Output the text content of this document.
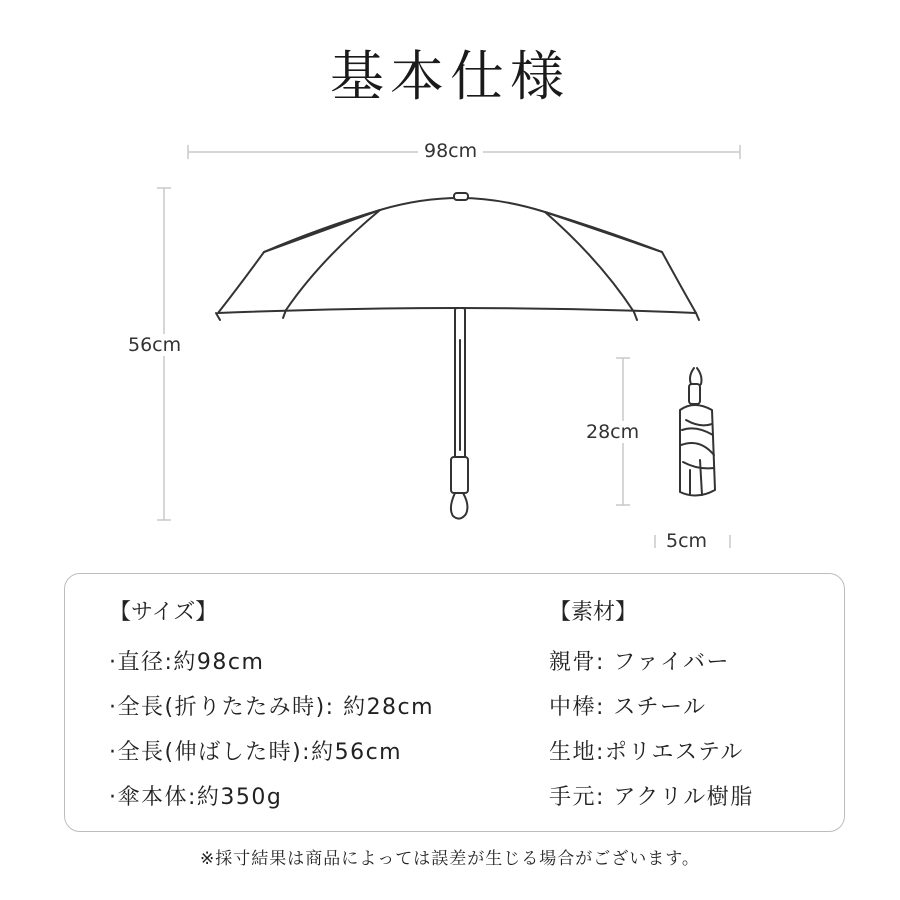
基本仕様
98cm
56cm
28cm
5cm
【サイズ】
·直径:約98cm
·全長(折りたたみ時): 約28cm
·全長(伸ばした時):約56cm
·傘本体:約350g
【素材】
親骨: ファイバー
中棒: スチール
生地:ポリエステル
手元: アクリル樹脂
※採寸結果は商品によっては誤差が生じる場合がございます。
